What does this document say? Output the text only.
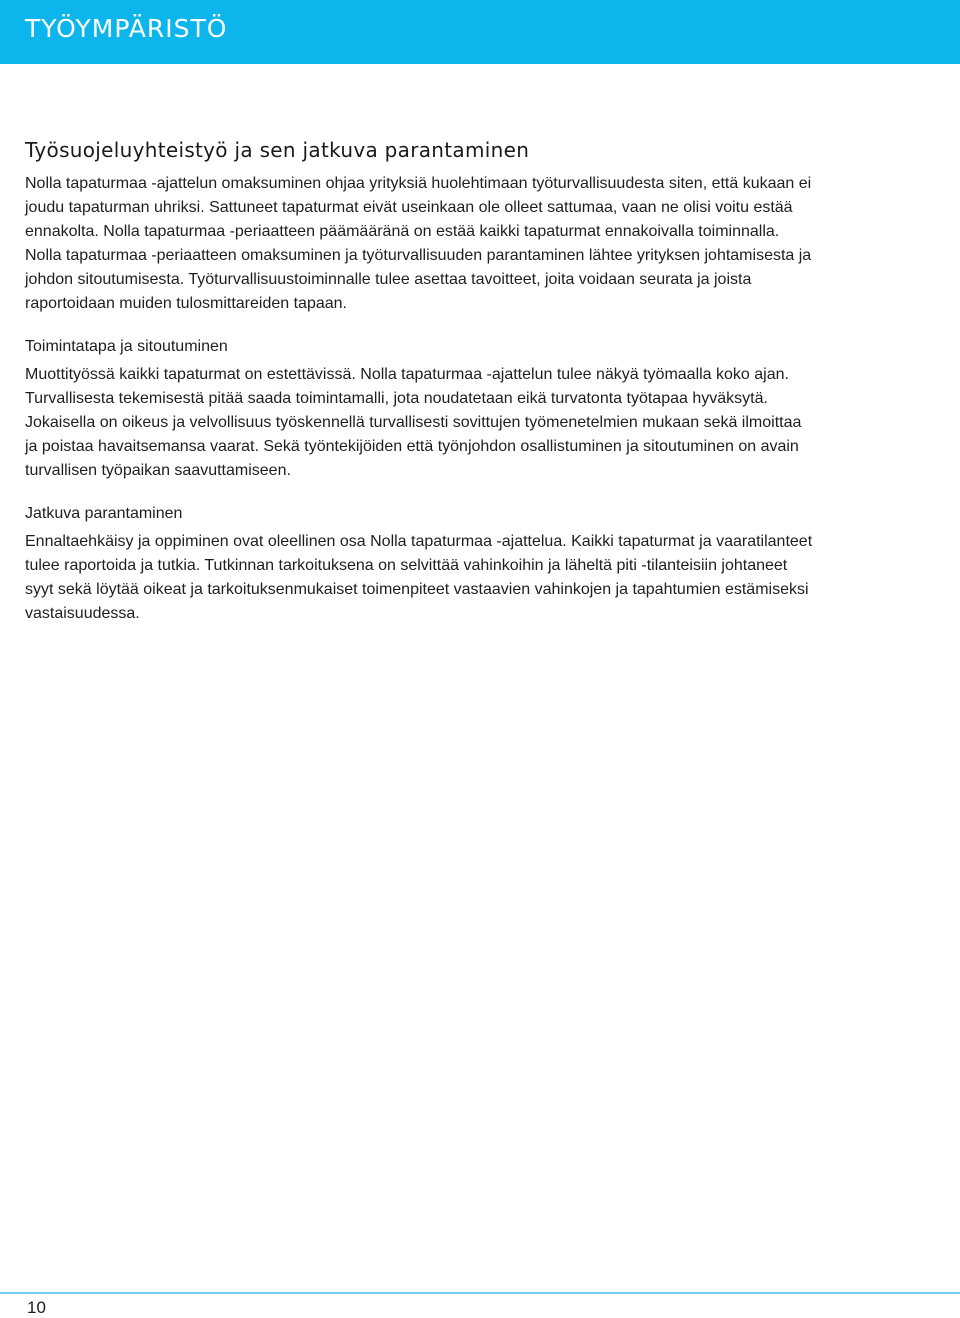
TYÖYMPÄRISTÖ
Työsuojeluyhteistyö ja sen jatkuva parantaminen

Nolla tapaturmaa -ajattelun omaksuminen ohjaa yrityksiä huolehtimaan työturvallisuudesta siten, että kukaan ei joudu tapaturman uhriksi. Sattuneet tapaturmat eivät useinkaan ole olleet sattumaa, vaan ne olisi voitu estää ennakolta. Nolla tapaturmaa -periaatteen päämääränä on estää kaikki tapaturmat ennakoivalla toiminnalla. Nolla tapaturmaa -periaatteen omaksuminen ja työturvallisuuden parantaminen lähtee yrityksen johtamisesta ja johdon sitoutumisesta. Työturvallisuustoiminnalle tulee asettaa tavoitteet, joita voidaan seurata ja joista raportoidaan muiden tulosmittareiden tapaan.

Toimintatapa ja sitoutuminen

Muottityössä kaikki tapaturmat on estettävissä. Nolla tapaturmaa -ajattelun tulee näkyä työmaalla koko ajan. Turvallisesta tekemisestä pitää saada toimintamalli, jota noudatetaan eikä turvatonta työtapaa hyväksytä. Jokaisella on oikeus ja velvollisuus työskennellä turvallisesti sovittujen työmenetelmien mukaan sekä ilmoittaa ja poistaa havaitsemansa vaarat. Sekä työntekijöiden että työnjohdon osallistuminen ja sitoutuminen on avain turvallisen työpaikan saavuttamiseen.

Jatkuva parantaminen

Ennaltaehkäisy ja oppiminen ovat oleellinen osa Nolla tapaturmaa -ajattelua. Kaikki tapaturmat ja vaaratilanteet tulee raportoida ja tutkia. Tutkinnan tarkoituksena on selvittää vahinkoihin ja läheltä piti -tilanteisiin johtaneet syyt sekä löytää oikeat ja tarkoituksenmukaiset toimenpiteet vastaavien vahinkojen ja tapahtumien estämiseksi vastaisuudessa.

10
